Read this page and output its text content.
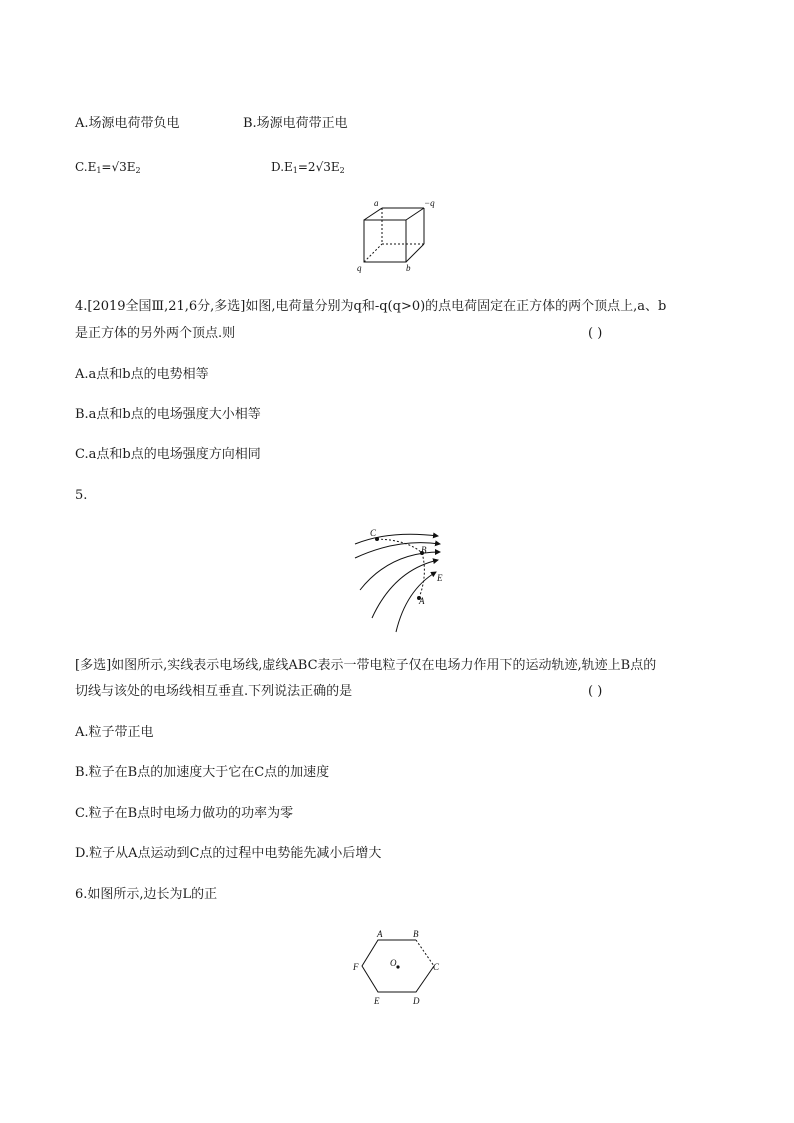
A.场源电荷带负电	B.场源电荷带正电
$C.E_1=√3E_2$	$D.E_1=2√3E_2$
a	−q
q	b
4.[2019全国Ⅲ,21,6分,多选]如图,电荷量分别为q和-q(q>0)的点电荷固定在正方体的两个顶点上,a、b
是正方体的另外两个顶点.则	( )
A.a点和b点的电势相等
B.a点和b点的电场强度大小相等
C.a点和b点的电场强度方向相同
5.
C
B
E
A
[多选]如图所示,实线表示电场线,虚线ABC表示一带电粒子仅在电场力作用下的运动轨迹,轨迹上B点的
切线与该处的电场线相互垂直.下列说法正确的是	( )
A.粒子带正电
B.粒子在B点的加速度大于它在C点的加速度
C.粒子在B点时电场力做功的功率为零
D.粒子从A点运动到C点的过程中电势能先减小后增大
6.如图所示,边长为L的正
A	B
C
D
E
F	O
